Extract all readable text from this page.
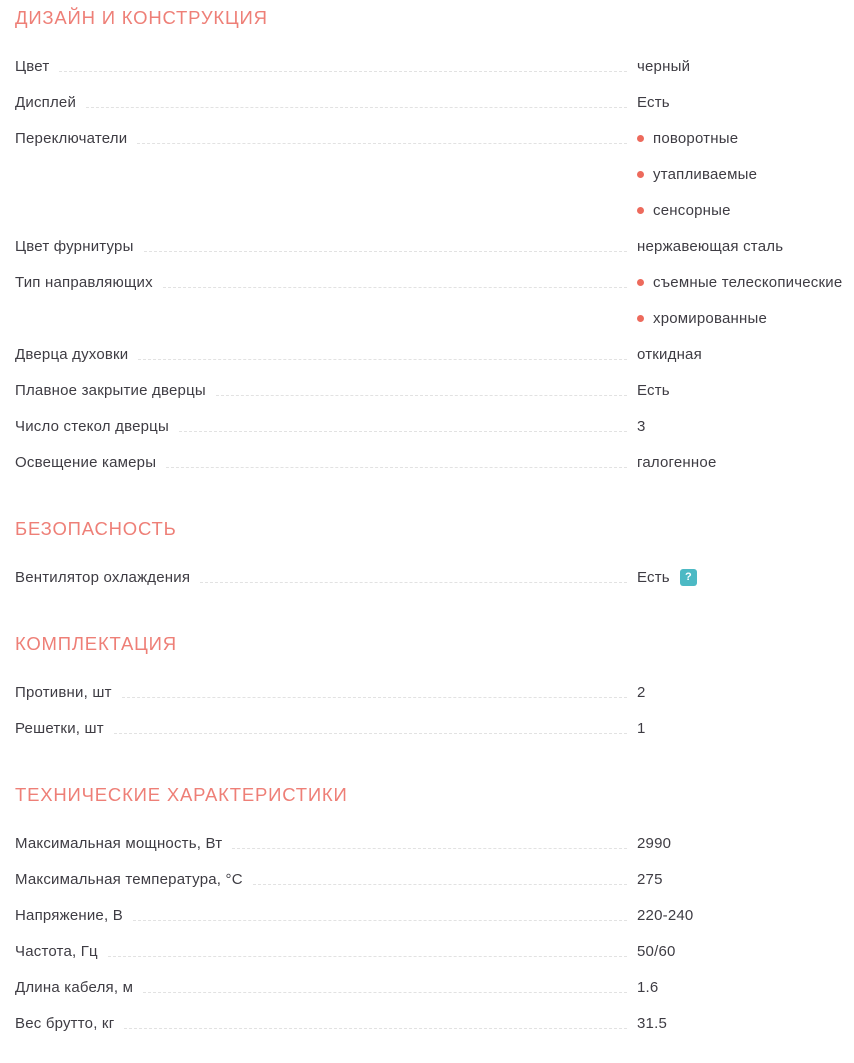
ДИЗАЙН И КОНСТРУКЦИЯ
Цвет	черный
Дисплей	Есть
Переключатели	поворотные
утапливаемые
сенсорные
Цвет фурнитуры	нержавеющая сталь
Тип направляющих	съемные телескопические
хромированные
Дверца духовки	откидная
Плавное закрытие дверцы	Есть
Число стекол дверцы	3
Освещение камеры	галогенное
БЕЗОПАСНОСТЬ
Вентилятор охлаждения	Есть	?
КОМПЛЕКТАЦИЯ
Противни, шт	2
Решетки, шт	1
ТЕХНИЧЕСКИЕ ХАРАКТЕРИСТИКИ
Максимальная мощность, Вт	2990
Максимальная температура, °C	275
Напряжение, В	220-240
Частота, Гц	50/60
Длина кабеля, м	1.6
Вес брутто, кг	31.5
